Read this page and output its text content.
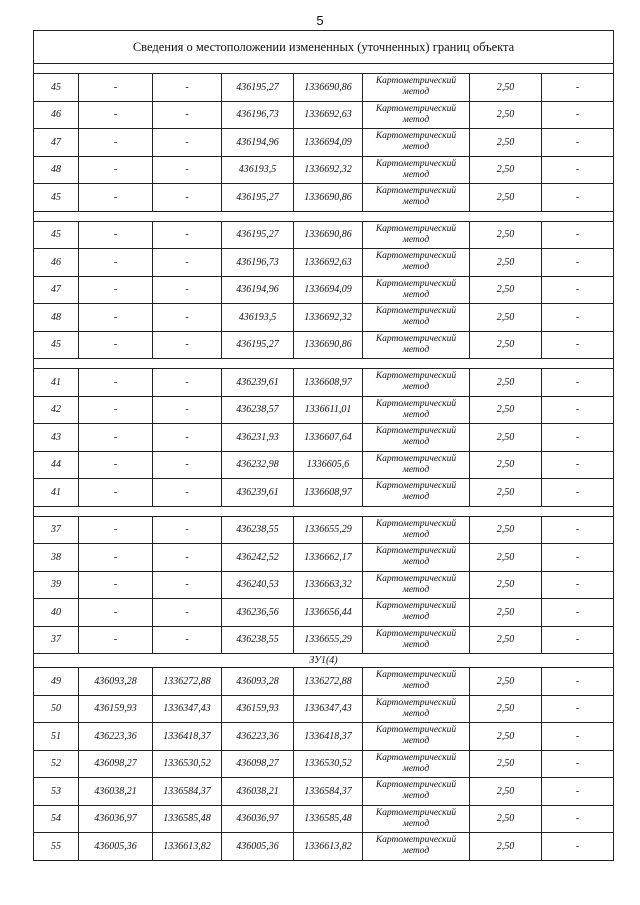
5
Сведения о местоположении измененных (уточненных) границ объекта							

45	-	-	436195,27	1336690,86	Картометрический
метод	2,50	-
46	-	-	436196,73	1336692,63	Картометрический
метод	2,50	-
47	-	-	436194,96	1336694,09	Картометрический
метод	2,50	-
48	-	-	436193,5	1336692,32	Картометрический
метод	2,50	-
45	-	-	436195,27	1336690,86	Картометрический
метод	2,50	-

45	-	-	436195,27	1336690,86	Картометрический
метод	2,50	-
46	-	-	436196,73	1336692,63	Картометрический
метод	2,50	-
47	-	-	436194,96	1336694,09	Картометрический
метод	2,50	-
48	-	-	436193,5	1336692,32	Картометрический
метод	2,50	-
45	-	-	436195,27	1336690,86	Картометрический
метод	2,50	-

41	-	-	436239,61	1336608,97	Картометрический
метод	2,50	-
42	-	-	436238,57	1336611,01	Картометрический
метод	2,50	-
43	-	-	436231,93	1336607,64	Картометрический
метод	2,50	-
44	-	-	436232,98	1336605,6	Картометрический
метод	2,50	-
41	-	-	436239,61	1336608,97	Картометрический
метод	2,50	-

37	-	-	436238,55	1336655,29	Картометрический
метод	2,50	-
38	-	-	436242,52	1336662,17	Картометрический
метод	2,50	-
39	-	-	436240,53	1336663,32	Картометрический
метод	2,50	-
40	-	-	436236,56	1336656,44	Картометрический
метод	2,50	-
37	-	-	436238,55	1336655,29	Картометрический
метод	2,50	-
ЗУ1(4)							
49	436093,28	1336272,88	436093,28	1336272,88	Картометрический
метод	2,50	-
50	436159,93	1336347,43	436159,93	1336347,43	Картометрический
метод	2,50	-
51	436223,36	1336418,37	436223,36	1336418,37	Картометрический
метод	2,50	-
52	436098,27	1336530,52	436098,27	1336530,52	Картометрический
метод	2,50	-
53	436038,21	1336584,37	436038,21	1336584,37	Картометрический
метод	2,50	-
54	436036,97	1336585,48	436036,97	1336585,48	Картометрический
метод	2,50	-
55	436005,36	1336613,82	436005,36	1336613,82	Картометрический
метод	2,50	-
